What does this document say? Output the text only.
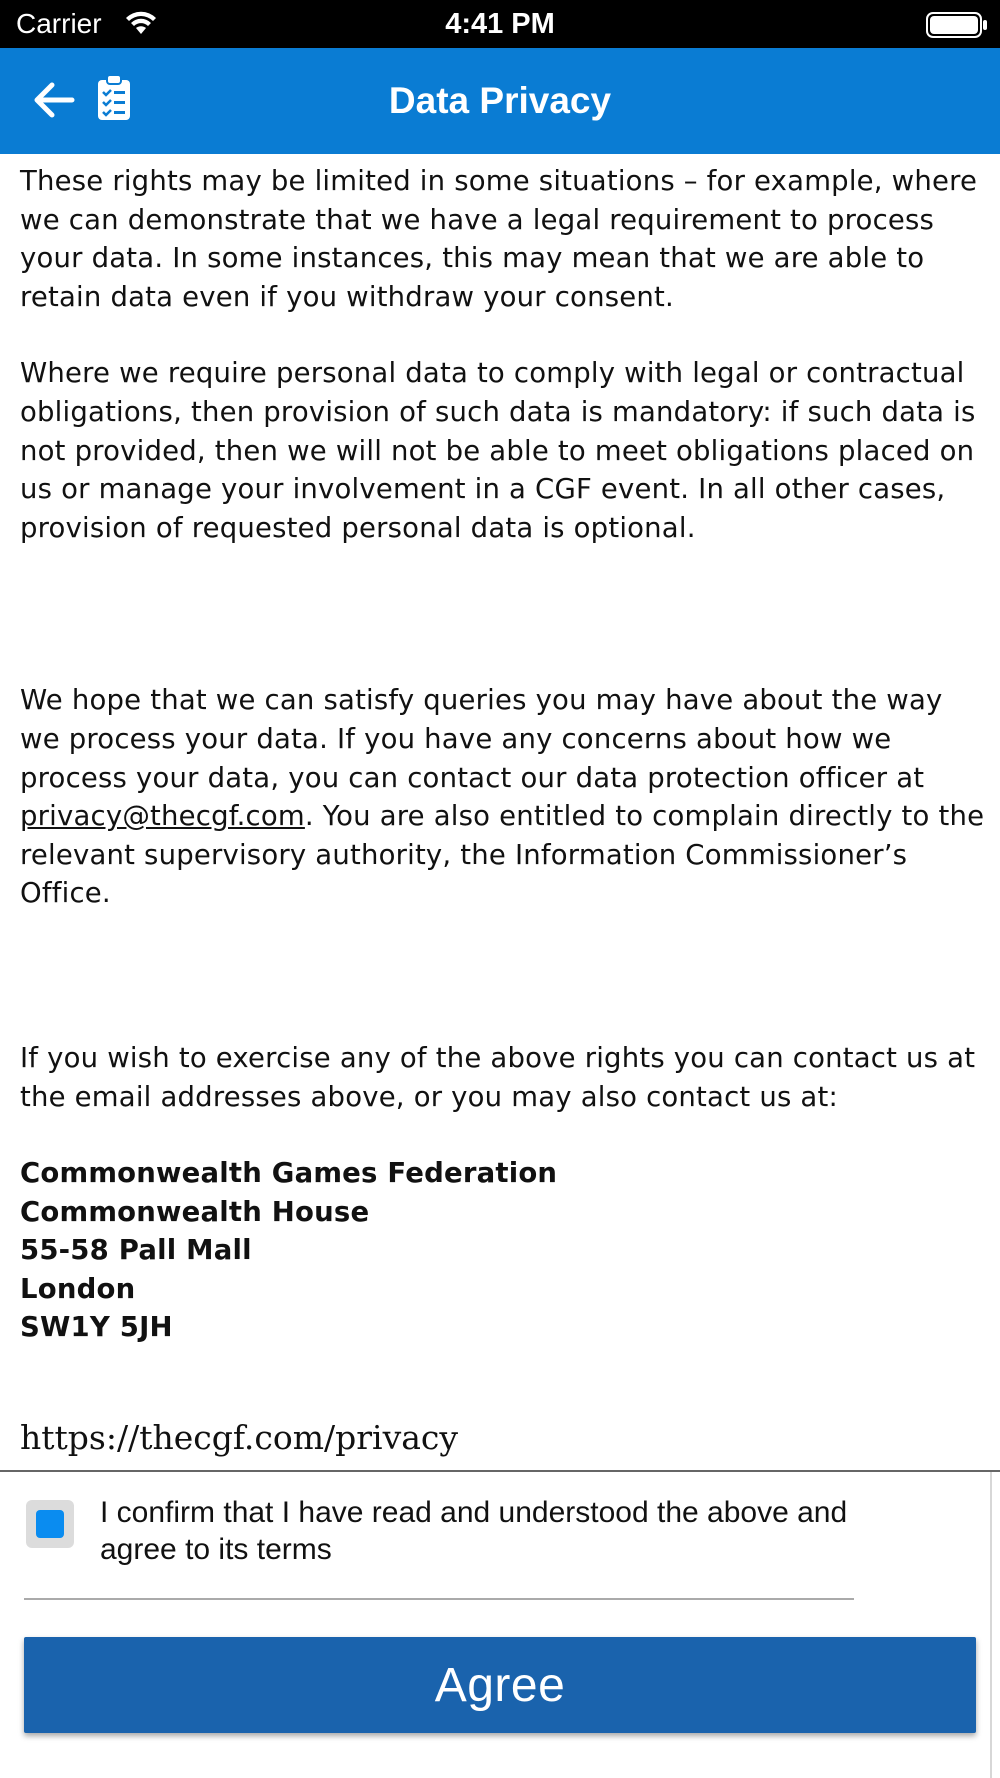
Carrier	4:41 PM
Data Privacy

These rights may be limited in some situations – for example, where we can demonstrate that we have a legal requirement to process your data. In some instances, this may mean that we are able to retain data even if you withdraw your consent.

Where we require personal data to comply with legal or contractual obligations, then provision of such data is mandatory: if such data is not provided, then we will not be able to meet obligations placed on us or manage your involvement in a CGF event. In all other cases, provision of requested personal data is optional.

We hope that we can satisfy queries you may have about the way we process your data. If you have any concerns about how we process your data, you can contact our data protection officer at privacy@thecgf.com. You are also entitled to complain directly to the relevant supervisory authority, the Information Commissioner’s Office.

If you wish to exercise any of the above rights you can contact us at the email addresses above, or you may also contact us at:

Commonwealth Games Federation
Commonwealth House
55-58 Pall Mall
London
SW1Y 5JH
https://thecgf.com/privacy
I confirm that I have read and understood the above and agree to its terms
Agree
